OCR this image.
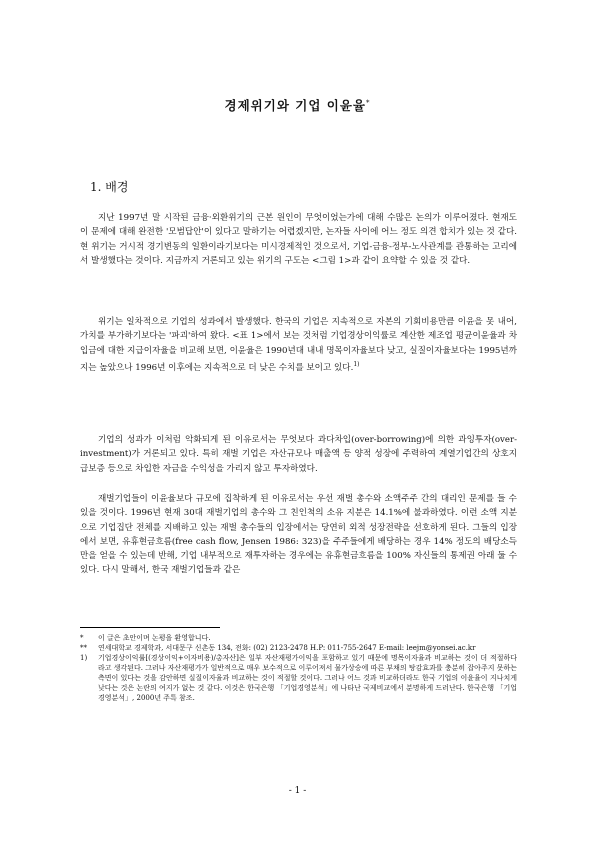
경제위기와 기업 이윤율*
1. 배경

지난 1997년 말 시작된 금융·외환위기의 근본 원인이 무엇이었는가에 대해 수많은 논의가 이루어졌다. 현재도 이 문제에 대해 완전한 '모범답안'이 있다고 말하기는 어렵겠지만, 논자들 사이에 어느 정도 의견 합치가 있는 것 같다. 현 위기는 거시적 경기변동의 일환이라기보다는 미시경제적인 것으로서, 기업-금융-정부-노사관계를 관통하는 고리에서 발생했다는 것이다. 지금까지 거론되고 있는 위기의 구도는 <그림 1>과 같이 요약할 수 있을 것 같다.

위기는 일차적으로 기업의 성과에서 발생했다. 한국의 기업은 지속적으로 자본의 기회비용만큼 이윤을 못 내어, 가치를 부가하기보다는 '파괴'하여 왔다. <표 1>에서 보는 것처럼 기업경상이익률로 계산한 제조업 평균이윤율과 차입금에 대한 지급이자율을 비교해 보면, 이윤율은 1990년대 내내 명목이자율보다 낮고, 실질이자율보다는 1995년까지는 높았으나 1996년 이후에는 지속적으로 더 낮은 수치를 보이고 있다.$^{1)}$

기업의 성과가 이처럼 악화되게 된 이유로서는 무엇보다 과다차입(over-borrowing)에 의한 과잉투자(over-investment)가 거론되고 있다. 특히 재벌 기업은 자산규모나 매출액 등 양적 성장에 주력하여 계열기업간의 상호지급보증 등으로 차입한 자금을 수익성을 가리지 않고 투자하였다.

재벌기업들이 이윤율보다 규모에 집착하게 된 이유로서는 우선 재벌 총수와 소액주주 간의 대리인 문제를 들 수 있을 것이다. 1996년 현재 30대 재벌기업의 총수와 그 친인척의 소유 지분은 14.1%에 불과하였다. 이런 소액 지분으로 기업집단 전체를 지배하고 있는 재벌 총수들의 입장에서는 당연히 외적 성장전략을 선호하게 된다. 그들의 입장에서 보면, 유휴현금흐름(free cash flow, Jensen 1986: 323)을 주주들에게 배당하는 경우 14% 정도의 배당소득만을 얻을 수 있는데 반해, 기업 내부적으로 재투자하는 경우에는 유휴현금흐름을 100% 자신들의 통제권 아래 둘 수 있다. 다시 말해서, 한국 재벌기업들과 같은

*	이 글은 초안이며 논평을 환영합니다.
**	연세대학교 경제학과, 서대문구 신촌동 134, 전화: (02) 2123-2478 H.P: 011-755-2647 E-mail: leejm@yonsei.ac.kr
1)	기업경상이익률[(경상이익+이자비용)/총자산]은 일부 자산재평가이익을 포함하고 있기 때문에 명목이자율과 비교하는 것이 더 적절하다라고 생각된다. 그러나 자산재평가가 일반적으로 매우 보수적으로 이루어져서 물가상승에 따른 부채의 탕감효과를 충분히 잡아주지 못하는 측면이 있다는 것을 감안하면 실질이자율과 비교하는 것이 적절할 것이다. 그러나 어느 것과 비교하더라도 한국 기업의 이윤율이 지나치게 낮다는 것은 논란의 여지가 없는 것 같다. 이것은 한국은행 「기업경영분석」에 나타난 국제비교에서 분명하게 드러난다. 한국은행 「기업경영분석」, 2000년 주특 참조.
- 1 -
